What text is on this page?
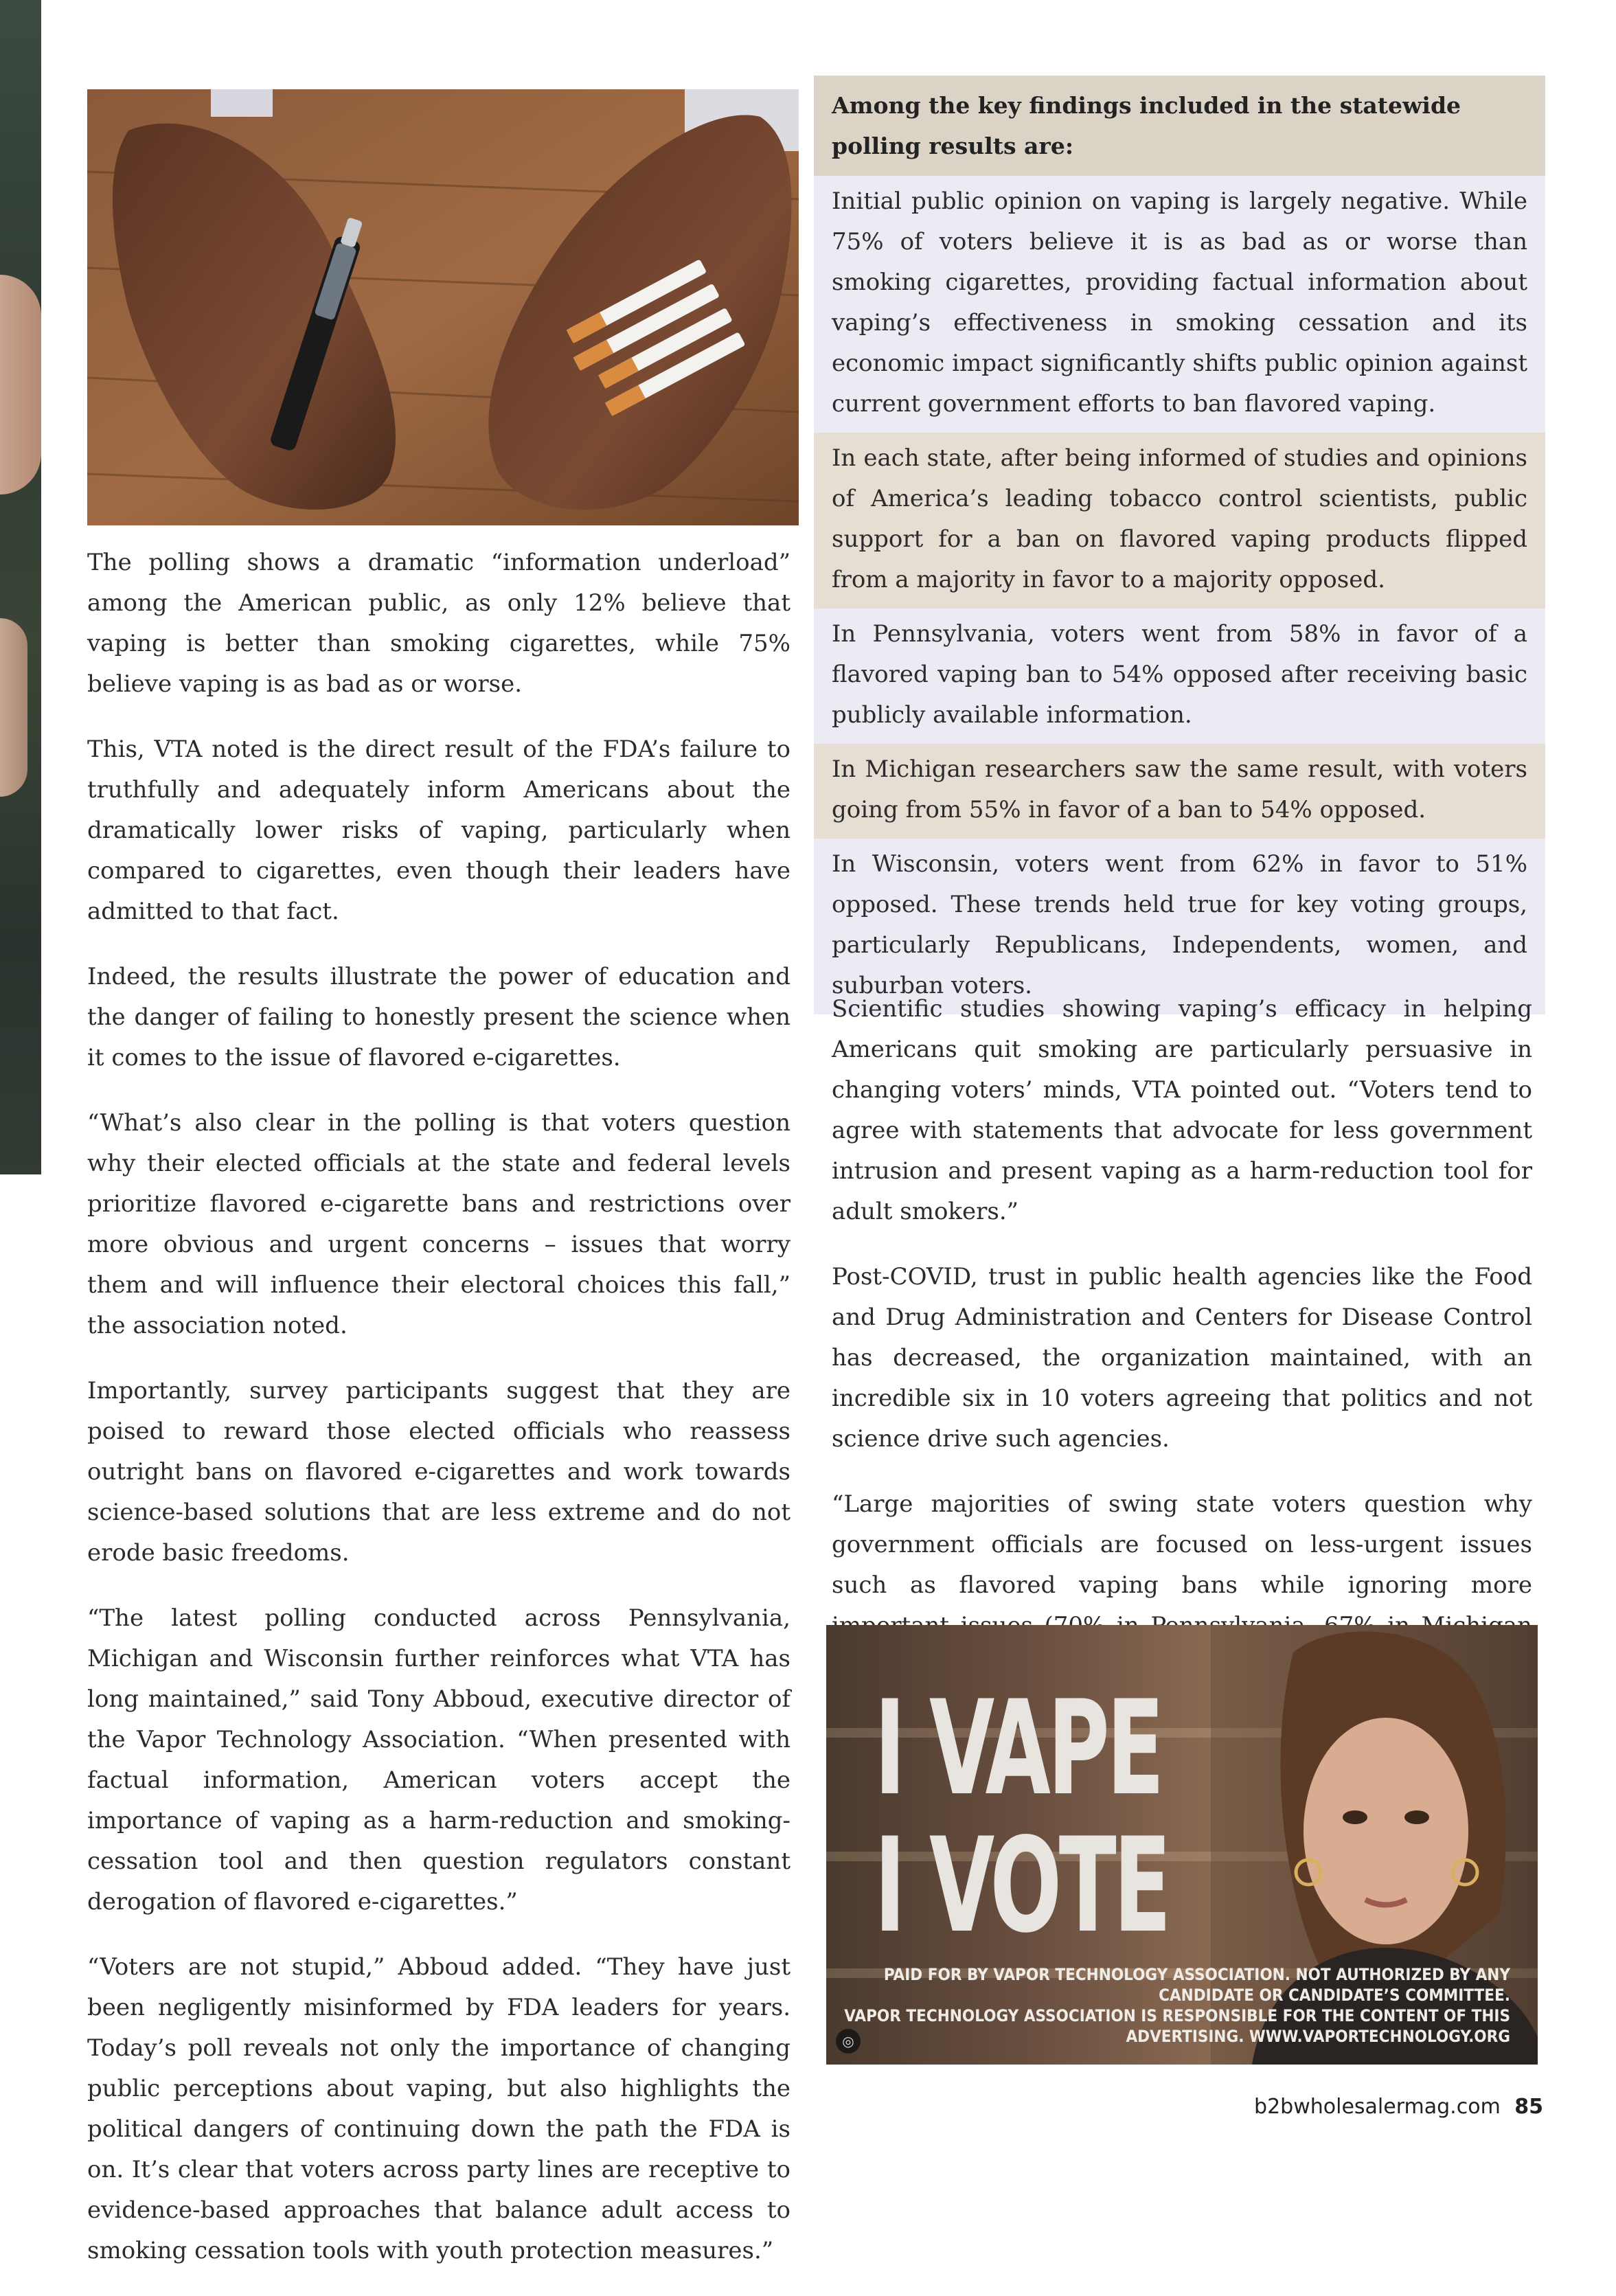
The polling shows a dramatic “information underload” among the American public, as only 12% believe that vaping is better than smoking cigarettes, while 75% believe vaping is as bad as or worse.

This, VTA noted is the direct result of the FDA’s failure to truthfully and adequately inform Americans about the dramatically lower risks of vaping, particularly when compared to cigarettes, even though their leaders have admitted to that fact.

Indeed, the results illustrate the power of education and the danger of failing to honestly present the science when it comes to the issue of flavored e-cigarettes.

“What’s also clear in the polling is that voters question why their elected officials at the state and federal levels prioritize flavored e-cigarette bans and restrictions over more obvious and urgent concerns – issues that worry them and will influence their electoral choices this fall,” the association noted.

Importantly, survey participants suggest that they are poised to reward those elected officials who reassess outright bans on flavored e-cigarettes and work towards science-based solutions that are less extreme and do not erode basic freedoms.

“The latest polling conducted across Pennsylvania, Michigan and Wisconsin further reinforces what VTA has long maintained,” said Tony Abboud, executive director of the Vapor Technology Association. “When presented with factual information, American voters accept the importance of vaping as a harm-reduction and smoking-cessation tool and then question regulators constant derogation of flavored e-cigarettes.”

“Voters are not stupid,” Abboud added. “They have just been negligently misinformed by FDA leaders for years. Today’s poll reveals not only the importance of changing public perceptions about vaping, but also highlights the political dangers of continuing down the path the FDA is on. It’s clear that voters across party lines are receptive to evidence-based approaches that balance adult access to smoking cessation tools with youth protection measures.”

Among the key findings included in the statewide polling results are:
Initial public opinion on vaping is largely negative. While 75% of voters believe it is as bad as or worse than smoking cigarettes, providing factual information about vaping’s effectiveness in smoking cessation and its economic impact significantly shifts public opinion against current government efforts to ban flavored vaping.
In each state, after being informed of studies and opinions of America’s leading tobacco control scientists, public support for a ban on flavored vaping products flipped from a majority in favor to a majority opposed.
In Pennsylvania, voters went from 58% in favor of a flavored vaping ban to 54% opposed after receiving basic publicly available information.
In Michigan researchers saw the same result, with voters going from 55% in favor of a ban to 54% opposed.
In Wisconsin, voters went from 62% in favor to 51% opposed. These trends held true for key voting groups, particularly Republicans, Independents, women, and suburban voters.

Scientific studies showing vaping’s efficacy in helping Americans quit smoking are particularly persuasive in changing voters’ minds, VTA pointed out. “Voters tend to agree with statements that advocate for less government intrusion and present vaping as a harm-reduction tool for adult smokers.”

Post-COVID, trust in public health agencies like the Food and Drug Administration and Centers for Disease Control has decreased, the organization maintained, with an incredible six in 10 voters agreeing that politics and not science drive such agencies.

“Large majorities of swing state voters question why government officials are focused on less-urgent issues such as flavored vaping bans while ignoring more

I VAPE
I VOTE
PAID FOR BY VAPOR TECHNOLOGY ASSOCIATION. NOT AUTHORIZED BY ANY CANDIDATE OR CANDIDATE’S COMMITTEE.
VAPOR TECHNOLOGY ASSOCIATION IS RESPONSIBLE FOR THE CONTENT OF THIS ADVERTISING. WWW.VAPORTECHNOLOGY.ORG
◎
b2bwholesalermag.com 85
